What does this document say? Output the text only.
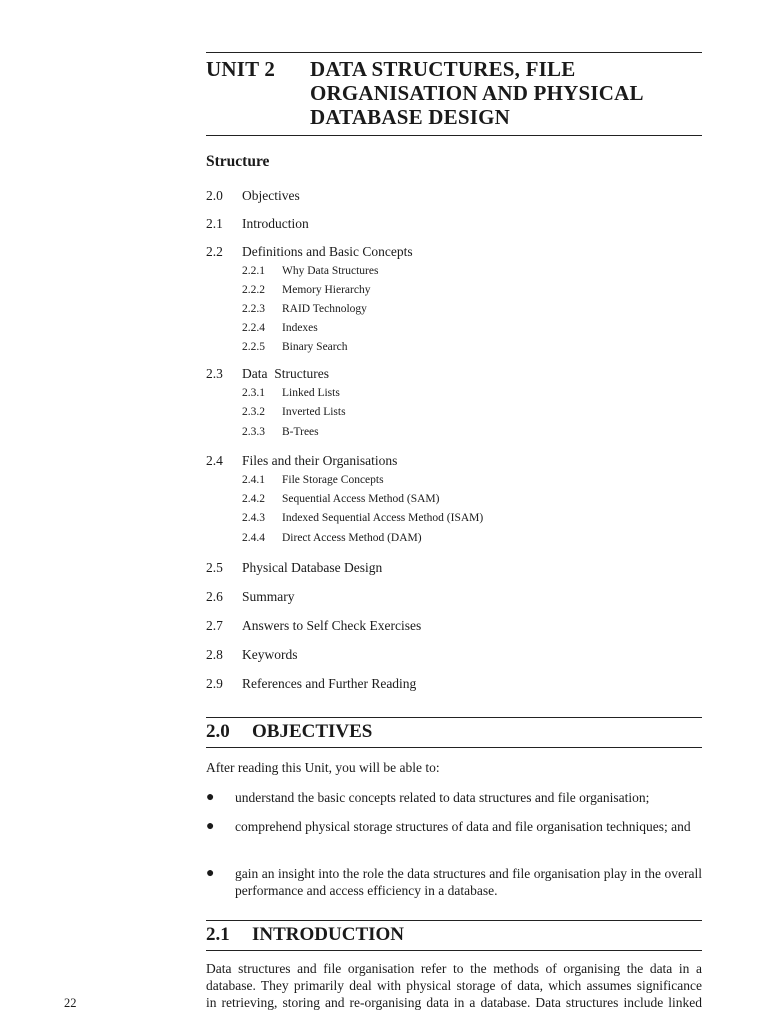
UNIT 2 DATA STRUCTURES, FILE
ORGANISATION AND PHYSICAL
DATABASE DESIGN
Structure
2.0 Objectives
2.1 Introduction
2.2 Definitions and Basic Concepts
2.2.1 Why Data Structures
2.2.2 Memory Hierarchy
2.2.3 RAID Technology
2.2.4 Indexes
2.2.5 Binary Search
2.3 Data  Structures
2.3.1 Linked Lists
2.3.2 Inverted Lists
2.3.3 B-Trees
2.4 Files and their Organisations
2.4.1 File Storage Concepts
2.4.2 Sequential Access Method (SAM)
2.4.3 Indexed Sequential Access Method (ISAM)
2.4.4 Direct Access Method (DAM)
2.5 Physical Database Design
2.6 Summary
2.7 Answers to Self Check Exercises
2.8 Keywords
2.9 References and Further Reading
2.0 OBJECTIVES
After reading this Unit, you will be able to:
● understand the basic concepts related to data structures and file organisation;
● comprehend physical storage structures of data and file organisation techniques; and
● gain an insight into the role the data structures and file organisation play in the overall performance and access efficiency in a database.
2.1 INTRODUCTION
Data structures and file organisation refer to the methods of organising the data in a
database. They primarily deal with physical storage of data, which assumes significance
in retrieving, storing and re-organising data in a database. Data structures include linked
22
